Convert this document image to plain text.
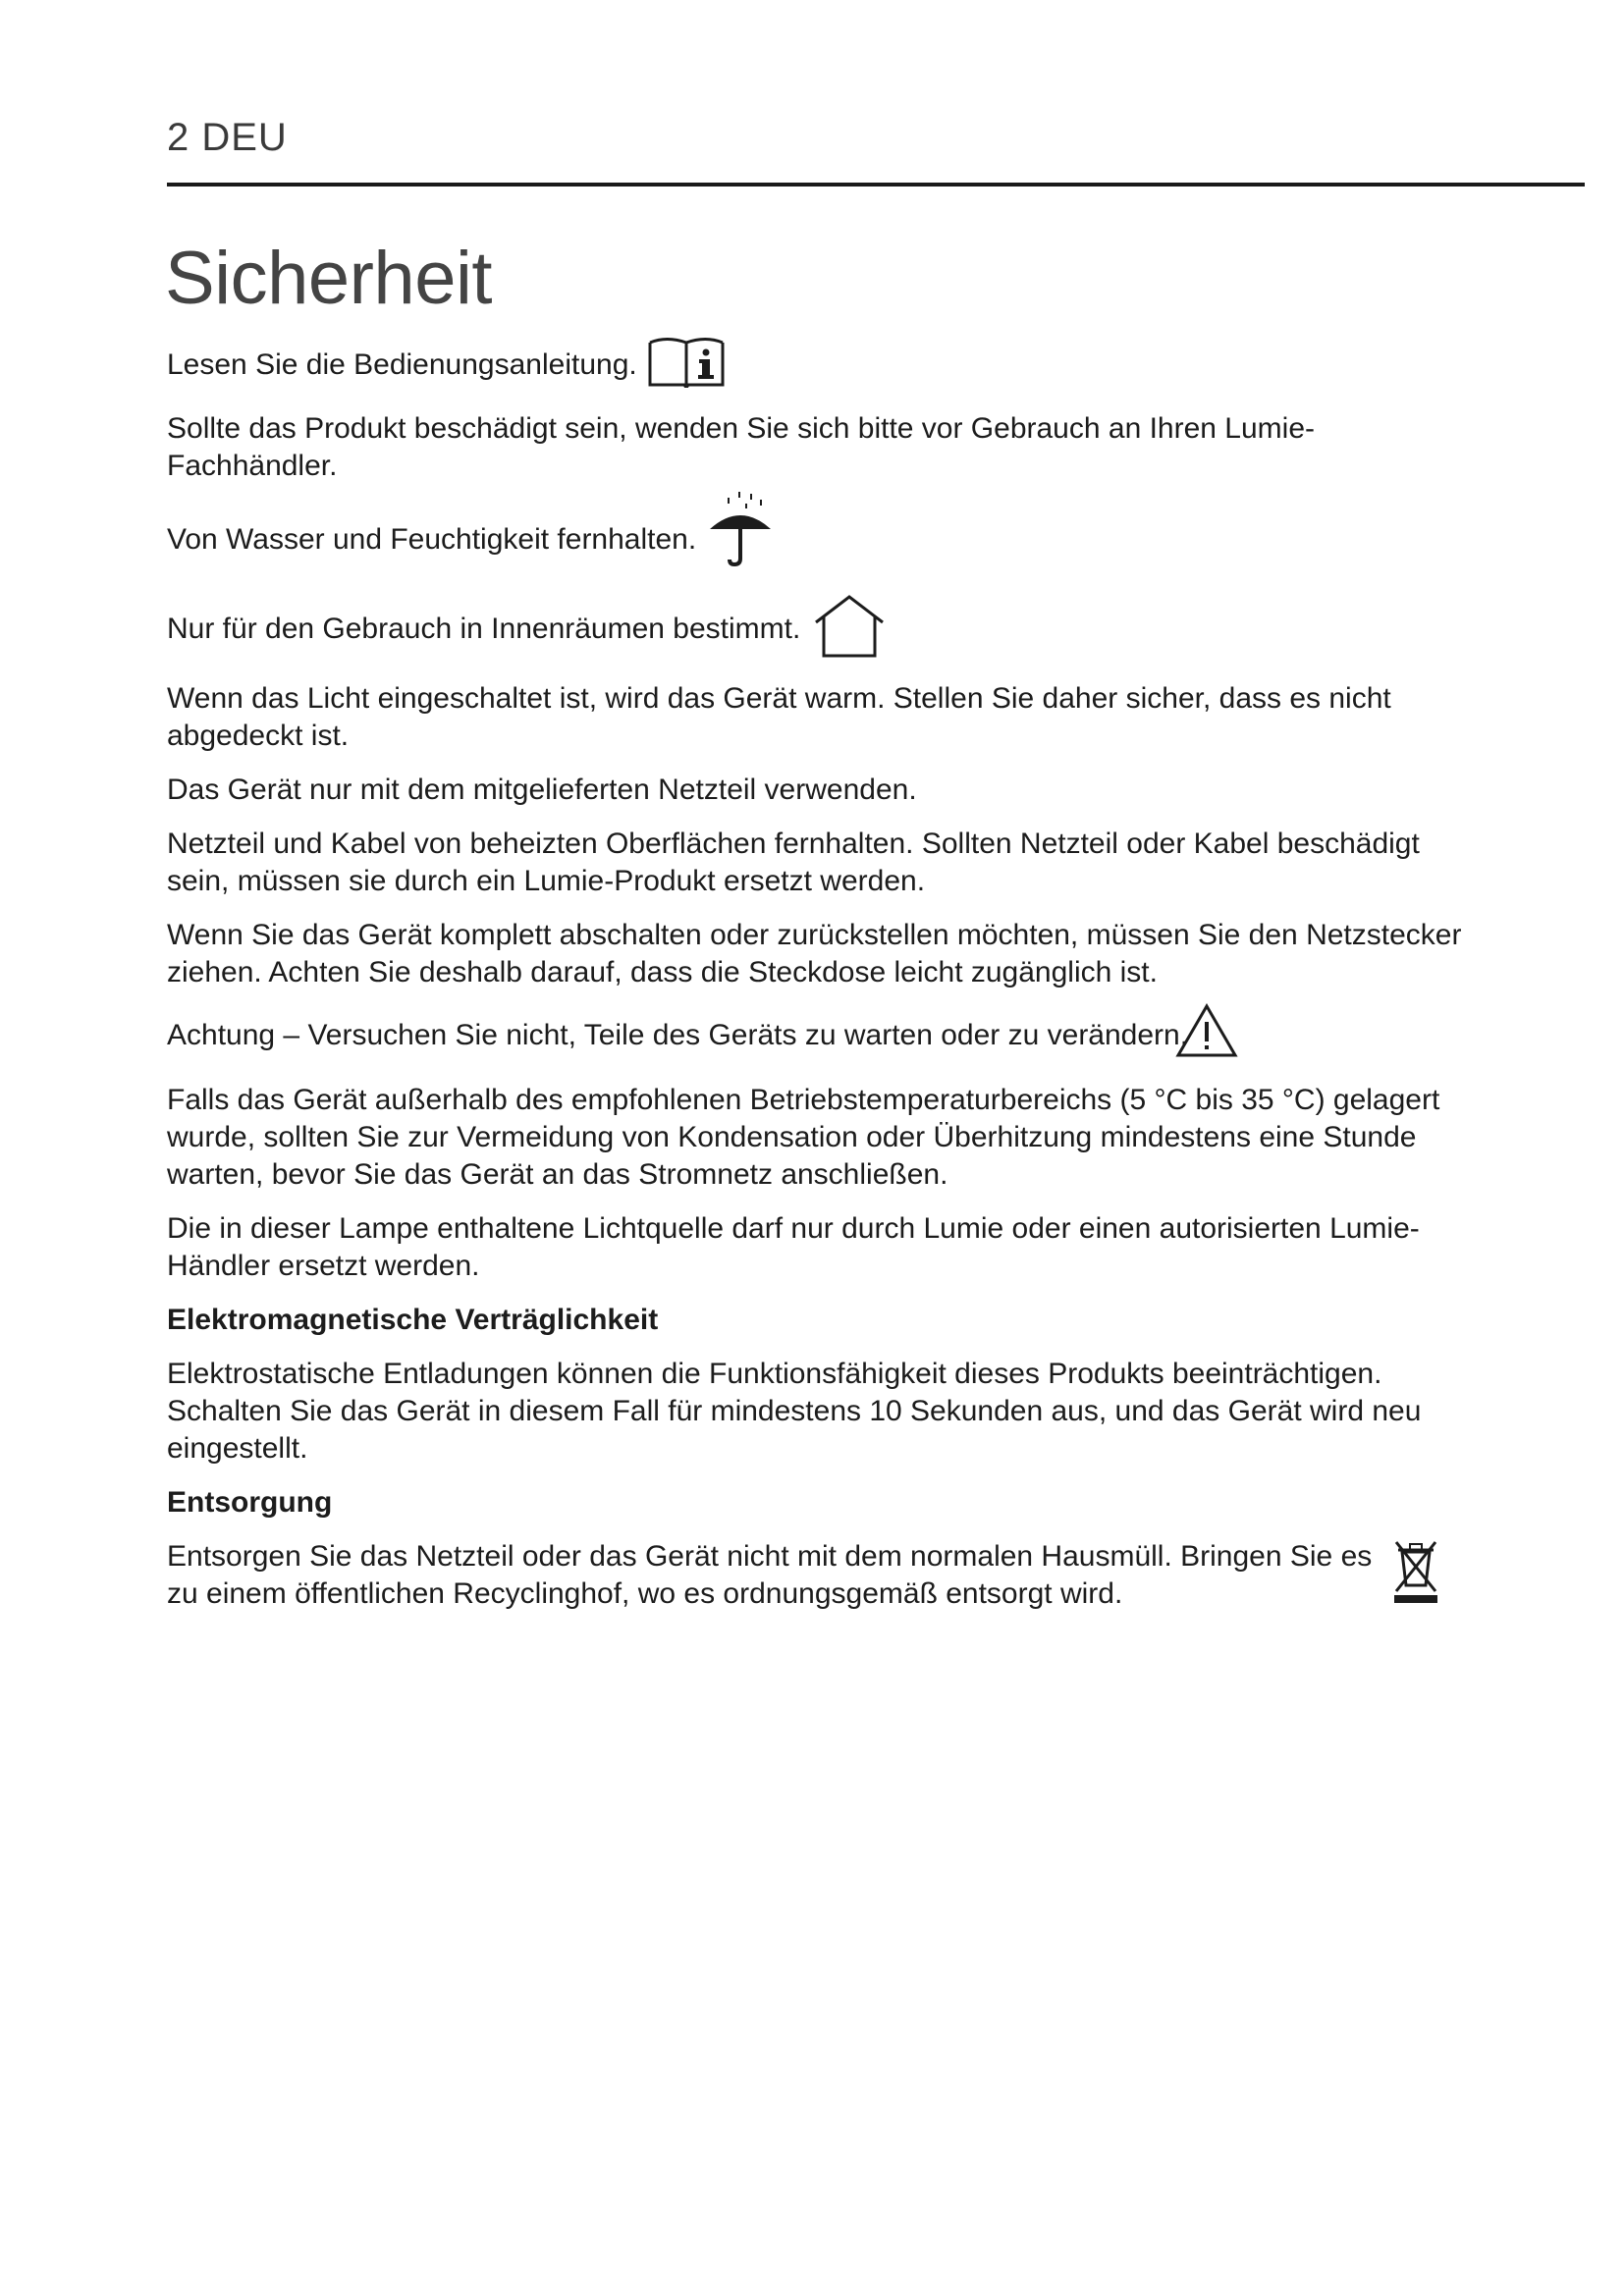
2 DEU
Sicherheit

Lesen Sie die Bedienungsanleitung.

Sollte das Produkt beschädigt sein, wenden Sie sich bitte vor Gebrauch an Ihren Lumie-Fachhändler.

Von Wasser und Feuchtigkeit fernhalten.

Nur für den Gebrauch in Innenräumen bestimmt.

Wenn das Licht eingeschaltet ist, wird das Gerät warm. Stellen Sie daher sicher, dass es nicht abgedeckt ist.

Das Gerät nur mit dem mitgelieferten Netzteil verwenden.

Netzteil und Kabel von beheizten Oberflächen fernhalten. Sollten Netzteil oder Kabel beschädigt sein, müssen sie durch ein Lumie-Produkt ersetzt werden.

Wenn Sie das Gerät komplett abschalten oder zurückstellen möchten, müssen Sie den Netzstecker ziehen. Achten Sie deshalb darauf, dass die Steckdose leicht zugänglich ist.

Achtung – Versuchen Sie nicht, Teile des Geräts zu warten oder zu verändern.

Falls das Gerät außerhalb des empfohlenen Betriebstemperaturbereichs (5 °C bis 35 °C) gelagert wurde, sollten Sie zur Vermeidung von Kondensation oder Überhitzung mindestens eine Stunde warten, bevor Sie das Gerät an das Stromnetz anschließen.

Die in dieser Lampe enthaltene Lichtquelle darf nur durch Lumie oder einen autorisierten Lumie-Händler ersetzt werden.

Elektromagnetische Verträglichkeit

Elektrostatische Entladungen können die Funktionsfähigkeit dieses Produkts beeinträchtigen. Schalten Sie das Gerät in diesem Fall für mindestens 10 Sekunden aus, und das Gerät wird neu eingestellt.

Entsorgung

Entsorgen Sie das Netzteil oder das Gerät nicht mit dem normalen Hausmüll. Bringen Sie es zu einem öffentlichen Recyclinghof, wo es ordnungsgemäß entsorgt wird.
